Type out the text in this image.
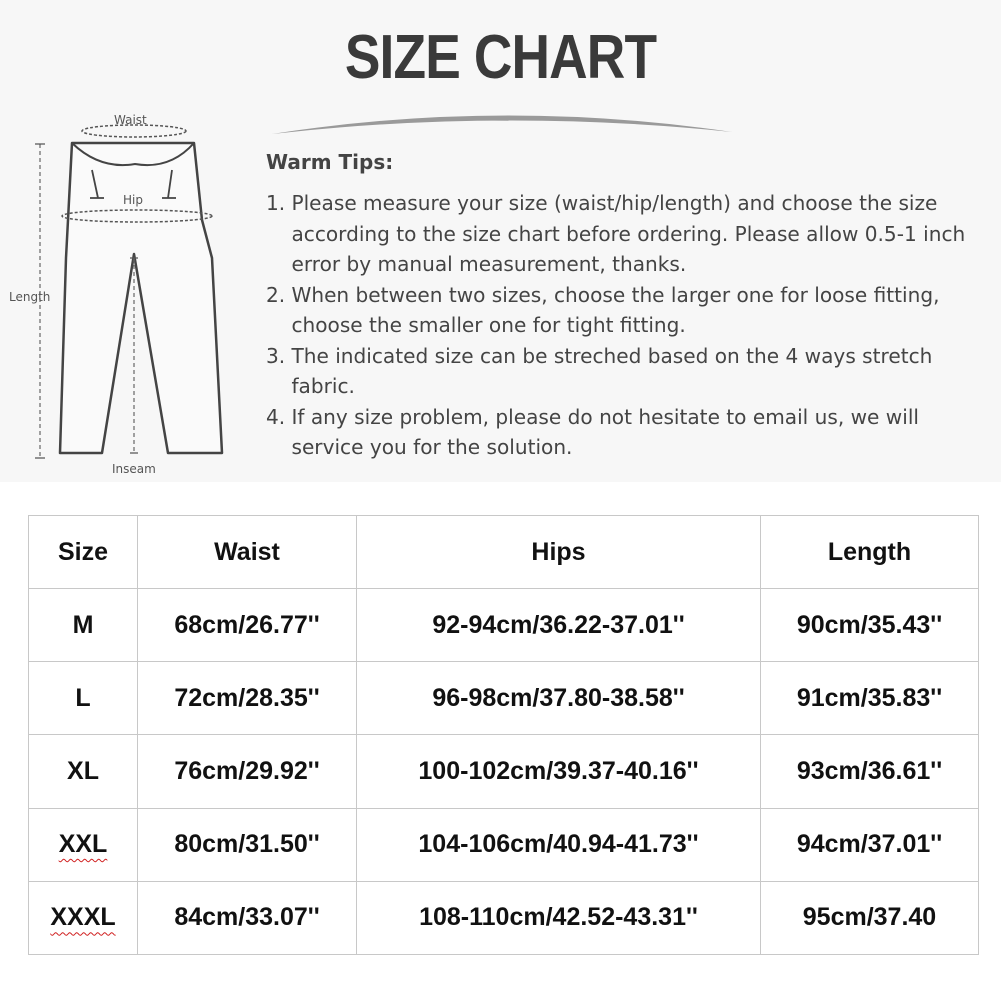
SIZE CHART
Waist
Hip
Inseam
Length
Warm Tips:
1. Please measure your size (waist/hip/length) and choose the size according to the size chart before ordering. Please allow 0.5-1 inch error by manual measurement, thanks.
2. When between two sizes, choose the larger one for loose fitting, choose the smaller one for tight fitting.
3. The indicated size can be streched based on the 4 ways stretch fabric.
4. If any size problem, please do not hesitate to email us, we will service you for the solution.
Size	Waist	Hips	Length
M	68cm/26.77''	92-94cm/36.22-37.01''	90cm/35.43''
L	72cm/28.35''	96-98cm/37.80-38.58''	91cm/35.83''
XL	76cm/29.92''	100-102cm/39.37-40.16''	93cm/36.61''
XXL	80cm/31.50''	104-106cm/40.94-41.73''	94cm/37.01''
XXXL	84cm/33.07''	108-110cm/42.52-43.31''	95cm/37.40
